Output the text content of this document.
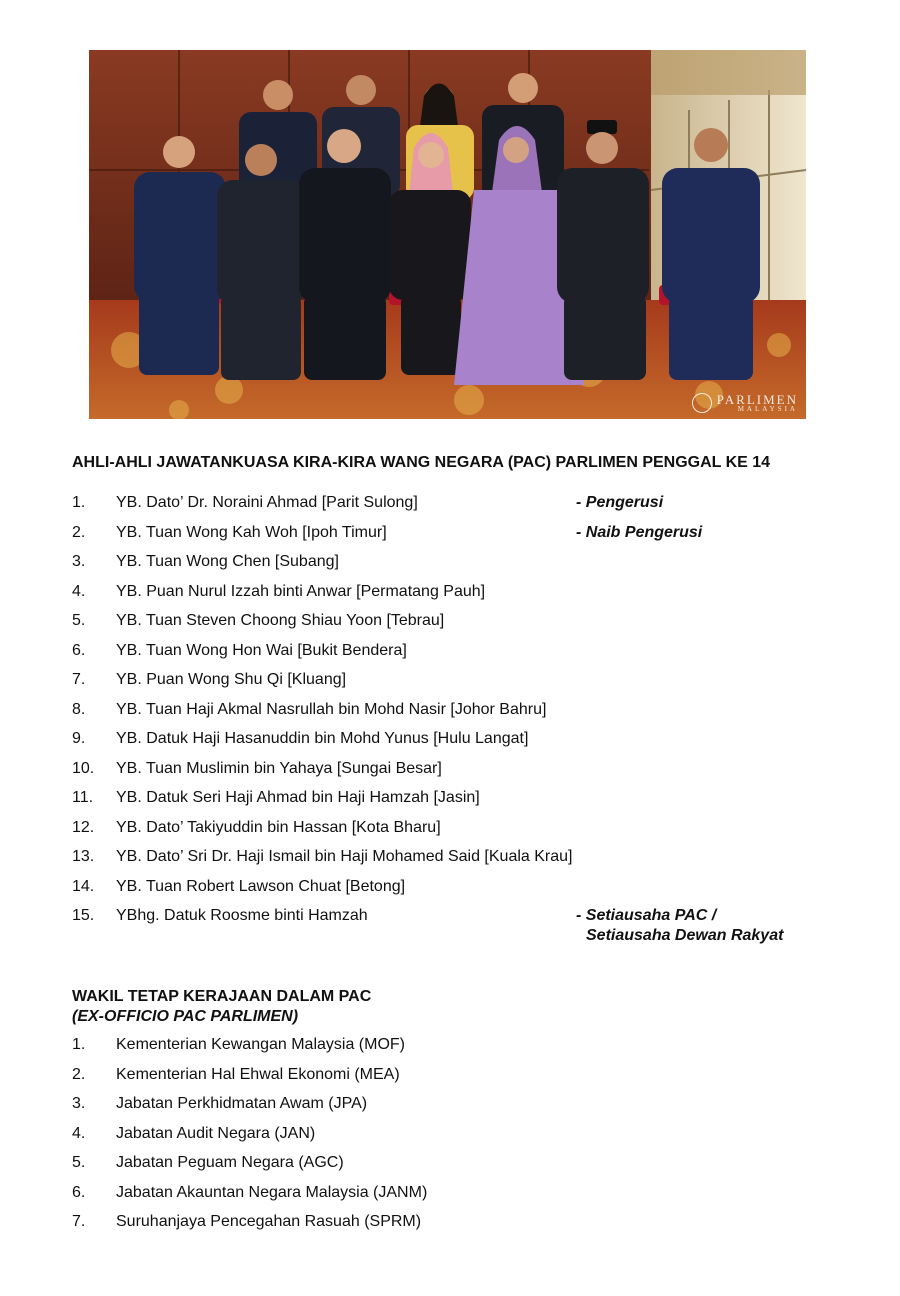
PARLIMEN
MALAYSIA

AHLI-AHLI JAWATANKUASA KIRA-KIRA WANG NEGARA (PAC) PARLIMEN PENGGAL KE 14

1. YB. Dato’ Dr. Noraini Ahmad [Parit Sulong]	- Pengerusi
2. YB. Tuan Wong Kah Woh [Ipoh Timur]	- Naib Pengerusi
3. YB. Tuan Wong Chen [Subang]
4. YB. Puan Nurul Izzah binti Anwar [Permatang Pauh]
5. YB. Tuan Steven Choong Shiau Yoon [Tebrau]
6. YB. Tuan Wong Hon Wai [Bukit Bendera]
7. YB. Puan Wong Shu Qi [Kluang]
8. YB. Tuan Haji Akmal Nasrullah bin Mohd Nasir [Johor Bahru]
9. YB. Datuk Haji Hasanuddin bin Mohd Yunus [Hulu Langat]
10. YB. Tuan Muslimin bin Yahaya [Sungai Besar]
11. YB. Datuk Seri Haji Ahmad bin Haji Hamzah [Jasin]
12. YB. Dato’ Takiyuddin bin Hassan [Kota Bharu]
13. YB. Dato’ Sri Dr. Haji Ismail bin Haji Mohamed Said [Kuala Krau]
14. YB. Tuan Robert Lawson Chuat [Betong]
15. YBhg. Datuk Roosme binti Hamzah	- Setiausaha PAC /
Setiausaha Dewan Rakyat

WAKIL TETAP KERAJAAN DALAM PAC

(EX-OFFICIO PAC PARLIMEN)

1. Kementerian Kewangan Malaysia (MOF)
2. Kementerian Hal Ehwal Ekonomi (MEA)
3. Jabatan Perkhidmatan Awam (JPA)
4. Jabatan Audit Negara (JAN)
5. Jabatan Peguam Negara (AGC)
6. Jabatan Akauntan Negara Malaysia (JANM)
7. Suruhanjaya Pencegahan Rasuah (SPRM)
